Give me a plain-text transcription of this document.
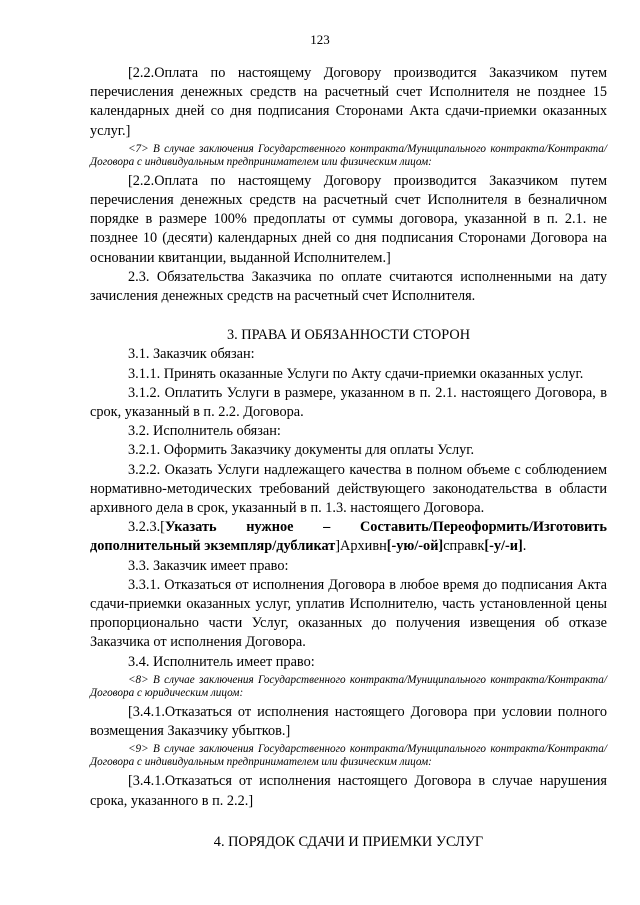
123

[2.2.Оплата по настоящему Договору производится Заказчиком путем перечисления денежных средств на расчетный счет Исполнителя не позднее 15 календарных дней со дня подписания Сторонами Акта сдачи-приемки оказанных услуг.]

<7> В случае заключения Государственного контракта/Муниципального контракта/Контракта/Договора с индивидуальным предпринимателем или физическим лицом:

[2.2.Оплата по настоящему Договору производится Заказчиком путем перечисления денежных средств на расчетный счет Исполнителя в безналичном порядке в размере 100% предоплаты от суммы договора, указанной в п. 2.1. не позднее 10 (десяти) календарных дней со дня подписания Сторонами Договора на основании квитанции, выданной Исполнителем.]

2.3. Обязательства Заказчика по оплате считаются исполненными на дату зачисления денежных средств на расчетный счет Исполнителя.

3. ПРАВА И ОБЯЗАННОСТИ СТОРОН

3.1. Заказчик обязан:

3.1.1. Принять оказанные Услуги по Акту сдачи-приемки оказанных услуг.

3.1.2. Оплатить Услуги в размере, указанном в п. 2.1. настоящего Договора, в срок, указанный в п. 2.2. Договора.

3.2. Исполнитель обязан:

3.2.1. Оформить Заказчику документы для оплаты Услуг.

3.2.2. Оказать Услуги надлежащего качества в полном объеме с соблюдением нормативно-методических требований действующего законодательства в области архивного дела в срок, указанный в п. 1.3. настоящего Договора.

3.2.3.[Указать нужное – Составить/Переоформить/Изготовить дополнительный экземпляр/дубликат]Архивн[-ую/-ой]справк[-у/-и].

3.3. Заказчик имеет право:

3.3.1. Отказаться от исполнения Договора в любое время до подписания Акта сдачи-приемки оказанных услуг, уплатив Исполнителю, часть установленной цены пропорционально части Услуг, оказанных до получения извещения об отказе Заказчика от исполнения Договора.

3.4. Исполнитель имеет право:

<8> В случае заключения Государственного контракта/Муниципального контракта/Контракта/Договора с юридическим лицом:

[3.4.1.Отказаться от исполнения настоящего Договора при условии полного возмещения Заказчику убытков.]

<9> В случае заключения Государственного контракта/Муниципального контракта/Контракта/Договора с индивидуальным предпринимателем или физическим лицом:

[3.4.1.Отказаться от исполнения настоящего Договора в случае нарушения срока, указанного в п. 2.2.]

4. ПОРЯДОК СДАЧИ И ПРИЕМКИ УСЛУГ
